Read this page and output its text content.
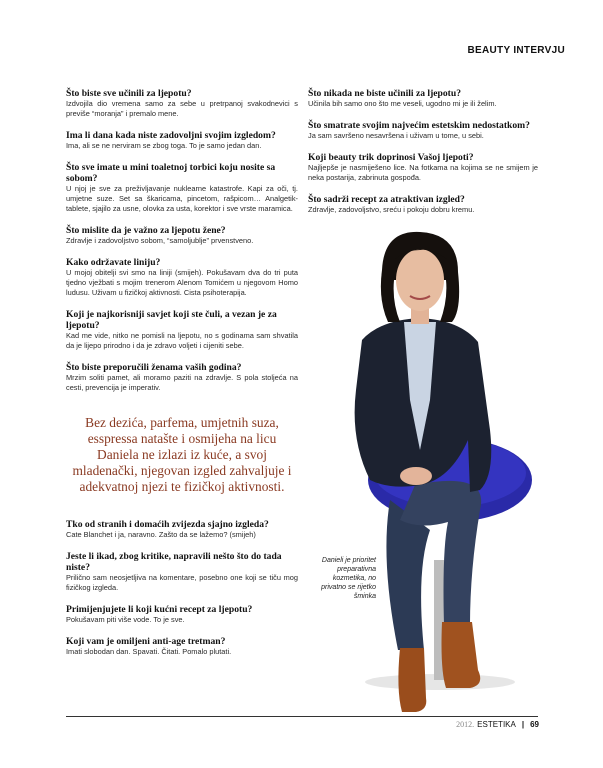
BEAUTY INTERVJU
Što biste sve učinili za ljepotu?
Izdvojila dio vremena samo za sebe u pretrpanoj svakodnevici s previše “moranja” i premalo mene.
Ima li dana kada niste zadovoljni svojim izgledom?
Ima, ali se ne nerviram se zbog toga. To je samo jedan dan.
Što sve imate u mini toaletnoj torbici koju nosite sa sobom?
U njoj je sve za preživljavanje nuklearne katastrofe. Kapi za oči, tj. umjetne suze. Set sa škaricama, pincetom, rašpicom… Analgetik-tablete, sjajilo za usne, olovka za usta, korektor i sve vrste maramica.
Što mislite da je važno za ljepotu žene?
Zdravlje i zadovoljstvo sobom, “samoljublje” prvenstveno.
Kako održavate liniju?
U mojoj obitelji svi smo na liniji (smijeh). Pokušavam dva do tri puta tjedno vježbati s mojim trenerom Alenom Tomićem u njegovom Homo ludusu. Uživam u fizičkoj aktivnosti. Cista psihoterapija.
Koji je najkorisniji savjet koji ste čuli, a vezan je za ljepotu?
Kad me vide, nitko ne pomisli na ljepotu, no s godinama sam shvatila da je lijepo prirodno i da je zdravo voljeti i cijeniti sebe.
Što biste preporučili ženama vaših godina?
Mrzim soliti pamet, ali moramo paziti na zdravlje. S pola stoljeća na cesti, prevencija je imperativ.
Bez dezića, parfema, umjetnih suza, esspressa natašte i osmijeha na licu Daniela ne izlazi iz kuće, a svoj mladenački, njegovan izgled zahvaljuje i adekvatnoj njezi te fizičkoj aktivnosti.
Tko od stranih i domaćih zvijezda sjajno izgleda?
Cate Blanchet i ja, naravno. Zašto da se lažemo? (smijeh)
Jeste li ikad, zbog kritike, napravili nešto što do tada niste?
Prilično sam neosjetljiva na komentare, posebno one koji se tiču mog fizičkog izgleda.
Primijenjujete li koji kućni recept za ljepotu?
Pokušavam piti više vode. To je sve.
Koji vam je omiljeni anti-age tretman?
Imati slobodan dan. Spavati. Čitati. Pomalo plutati.
Što nikada ne biste učinili za ljepotu?
Učinila bih samo ono što me veseli, ugodno mi je ili želim.
Što smatrate svojim najvećim estetskim nedostatkom?
Ja sam savršeno nesavršena i uživam u tome, u sebi.
Koji beauty trik doprinosi Vašoj ljepoti?
Najljepše je nasmiješeno lice. Na fotkama na kojima se ne smijem je neka postarija, zabrinuta gospođa.
Što sadrži recept za atraktivan izgled?
Zdravlje, zadovoljstvo, sreću i pokoju dobru kremu.
Danieli je prioritet preparativna kozmetika, no privatno se rijetko šminka
2012. ESTETIKA | 69
